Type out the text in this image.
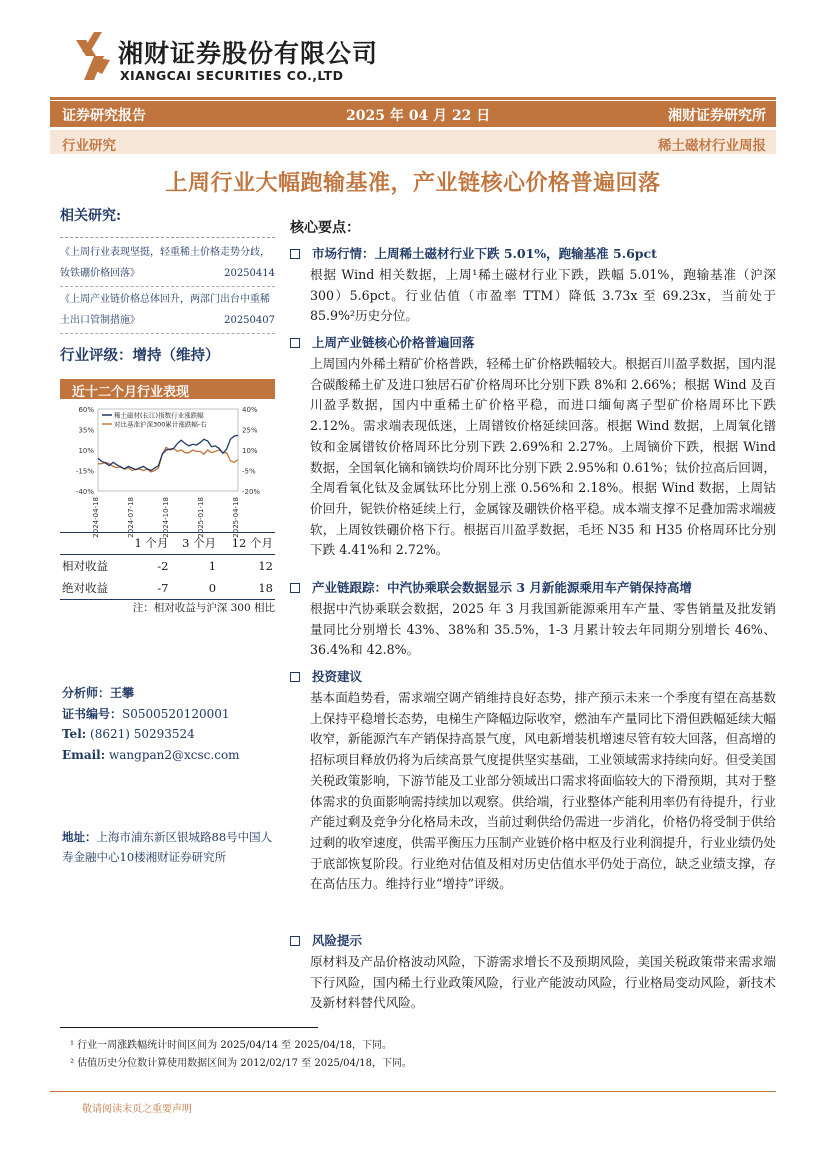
湘财证券股份有限公司
XIANGCAI SECURITIES CO.,LTD
证券研究报告	2025 年 04 月 22 日	湘财证券研究所
行业研究	稀土磁材行业周报
上周行业大幅跑输基准，产业链核心价格普遍回落
相关研究:
《上周行业表现坚挺，轻重稀土价格走势分歧，钕铁硼价格回落》	20250414
《上周产业链价格总体回升，两部门出台中重稀土出口管制措施》	20250407
行业评级：增持（维持）
近十二个月行业表现
60%
35%
10%
-15%
-40%
40%
25%
10%
-5%
-20%
2024-04-18	2024-07-18	2024-10-18	2025-01-18	2025-04-18
稀土磁材(长江)指数行业涨跌幅
对比基准沪深300累计涨跌幅-右
	1 个月	3 个月	12 个月
相对收益	-2	1	12
绝对收益	-7	0	18
注：相对收益与沪深 300 相比
分析师：王攀
证书编号：S0500520120001
Tel: (8621) 50293524
Email: wangpan2@xcsc.com
地址：上海市浦东新区银城路88号中国人寿金融中心10楼湘财证券研究所
核心要点：
市场行情：上周稀土磁材行业下跌 5.01%，跑输基准 5.6pct
根据 Wind 相关数据，上周¹稀土磁材行业下跌，跌幅 5.01%，跑输基准（沪深 300）5.6pct。行业估值（市盈率 TTM）降低 3.73x 至 69.23x，当前处于 85.9%²历史分位。
上周产业链核心价格普遍回落
上周国内外稀土精矿价格普跌，轻稀土矿价格跌幅较大。根据百川盈孚数据，国内混合碳酸稀土矿及进口独居石矿价格周环比分别下跌 8%和 2.66%；根据 Wind 及百川盈孚数据，国内中重稀土矿价格平稳，而进口缅甸离子型矿价格周环比下跌 2.12%。需求端表现低迷，上周镨钕价格延续回落。根据 Wind 数据，上周氧化镨钕和金属镨钕价格周环比分别下跌 2.69%和 2.27%。上周镝价下跌，根据 Wind 数据，全国氧化镝和镝铁均价周环比分别下跌 2.95%和 0.61%；钛价拉高后回调，全周看氧化钛及金属钛环比分别上涨 0.56%和 2.18%。根据 Wind 数据，上周钴价回升，铌铁价格延续上行，金属镓及硼铁价格平稳。成本端支撑不足叠加需求端疲软，上周钕铁硼价格下行。根据百川盈孚数据，毛坯 N35 和 H35 价格周环比分别下跌 4.41%和 2.72%。
产业链跟踪：中汽协乘联会数据显示 3 月新能源乘用车产销保持高增
根据中汽协乘联会数据，2025 年 3 月我国新能源乘用车产量、零售销量及批发销量同比分别增长 43%、38%和 35.5%，1-3 月累计较去年同期分别增长 46%、36.4%和 42.8%。
投资建议
基本面趋势看，需求端空调产销维持良好态势，排产预示未来一个季度有望在高基数上保持平稳增长态势，电梯生产降幅边际收窄，燃油车产量同比下滑但跌幅延续大幅收窄，新能源汽车产销保持高景气度，风电新增装机增速尽管有较大回落，但高增的招标项目释放仍将为后续高景气度提供坚实基础，工业领域需求持续向好。但受美国关税政策影响，下游节能及工业部分领域出口需求将面临较大的下滑预期，其对于整体需求的负面影响需持续加以观察。供给端，行业整体产能利用率仍有待提升，行业产能过剩及竞争分化格局未改，当前过剩供给仍需进一步消化，价格仍将受制于供给过剩的收窄速度，供需平衡压力压制产业链价格中枢及行业利润提升，行业业绩仍处于底部恢复阶段。行业绝对估值及相对历史估值水平仍处于高位，缺乏业绩支撑，存在高估压力。维持行业“增持”评级。
风险提示
原材料及产品价格波动风险，下游需求增长不及预期风险，美国关税政策带来需求端下行风险，国内稀土行业政策风险，行业产能波动风险，行业格局变动风险，新技术及新材料替代风险。
¹ 行业一周涨跌幅统计时间区间为 2025/04/14 至 2025/04/18，下同。
² 估值历史分位数计算使用数据区间为 2012/02/17 至 2025/04/18，下同。
敬请阅读末页之重要声明
